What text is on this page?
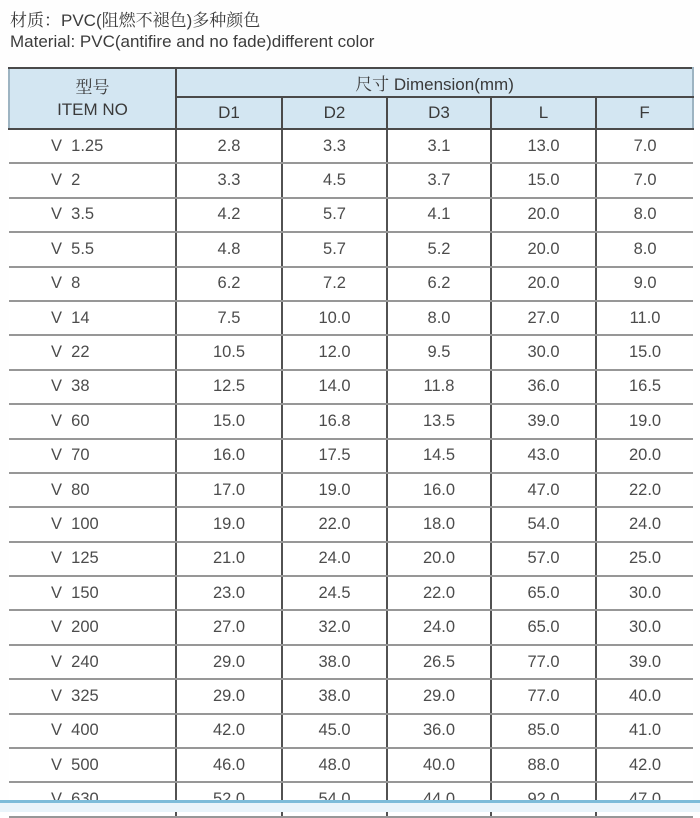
材质：PVC(阻燃不褪色)多种颜色
Material: PVC(antifire and no fade)different color
型号
ITEM NO	尺寸 Dimension(mm)				
	D1	D2	D3	L	F
V  1.25	2.8	3.3	3.1	13.0	7.0
V  2	3.3	4.5	3.7	15.0	7.0
V  3.5	4.2	5.7	4.1	20.0	8.0
V  5.5	4.8	5.7	5.2	20.0	8.0
V  8	6.2	7.2	6.2	20.0	9.0
V  14	7.5	10.0	8.0	27.0	11.0
V  22	10.5	12.0	9.5	30.0	15.0
V  38	12.5	14.0	11.8	36.0	16.5
V  60	15.0	16.8	13.5	39.0	19.0
V  70	16.0	17.5	14.5	43.0	20.0
V  80	17.0	19.0	16.0	47.0	22.0
V  100	19.0	22.0	18.0	54.0	24.0
V  125	21.0	24.0	20.0	57.0	25.0
V  150	23.0	24.5	22.0	65.0	30.0
V  200	27.0	32.0	24.0	65.0	30.0
V  240	29.0	38.0	26.5	77.0	39.0
V  325	29.0	38.0	29.0	77.0	40.0
V  400	42.0	45.0	36.0	85.0	41.0
V  500	46.0	48.0	40.0	88.0	42.0
